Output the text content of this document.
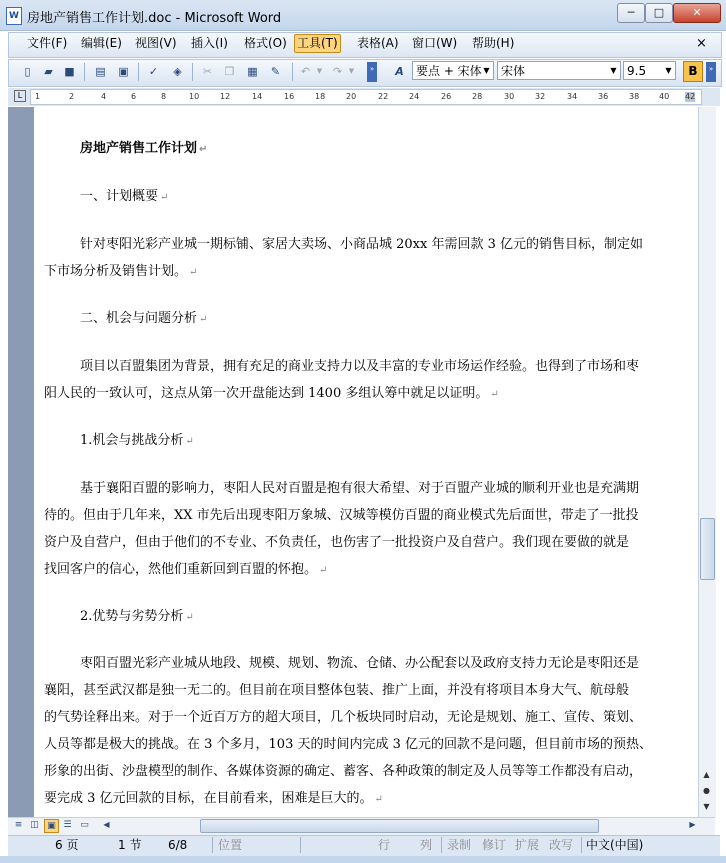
W 房地产销售工作计划.doc - Microsoft Word	─	□	✕
文件(F) 编辑(E) 视图(V) 插入(I) 格式(O) 工具(T) 表格(A) 窗口(W) 帮助(H)	×
▯	▰ ■ ▤ ▣ ✓ ◈ ✂ ❐ ▦ ✎ ↶ ▼ ↷ ▼	» A	要点 + 宋体 ▼ 宋体	▼ 9.5	▼	B	»
L	1	2	4	6	8	10	12	14	16	18	20	22	24	26	28	30	32	34	36	38 40 42
房地产销售工作计划 ↵
一、计划概要 ↵
针对枣阳光彩产业城一期标铺、家居大卖场、小商品城 20xx 年需回款 3 亿元的销售目标，制定如
下市场分析及销售计划。 ↵
二、机会与问题分析 ↵
项目以百盟集团为背景，拥有充足的商业支持力以及丰富的专业市场运作经验。也得到了市场和枣
阳人民的一致认可，这点从第一次开盘能达到 1400 多组认筹中就足以证明。 ↵
1.机会与挑战分析 ↵
基于襄阳百盟的影响力，枣阳人民对百盟是抱有很大希望、对于百盟产业城的顺利开业也是充满期
待的。但由于几年来，XX 市先后出现枣阳万象城、汉城等模仿百盟的商业模式先后面世，带走了一批投
资户及自营户，但由于他们的不专业、不负责任，也伤害了一批投资户及自营户。我们现在要做的就是
找回客户的信心，然他们重新回到百盟的怀抱。 ↵
2.优势与劣势分析 ↵
枣阳百盟光彩产业城从地段、规模、规划、物流、仓储、办公配套以及政府支持力无论是枣阳还是
襄阳，甚至武汉都是独一无二的。但目前在项目整体包装、推广上面，并没有将项目本身大气、航母般
的气势诠释出来。对于一个近百万方的超大项目，几个板块同时启动，无论是规划、施工、宣传、策划、
人员等都是极大的挑战。在 3 个多月，103 天的时间内完成 3 亿元的回款不是问题，但目前市场的预热、
形象的出街、沙盘模型的制作、各媒体资源的确定、蓄客、各种政策的制定及人员等等工作都没有启动，
要完成 3 亿元回款的目标，在目前看来，困难是巨大的。 ↵
▲
●
▼
≡ ◫ ▣ ☰ ▭	◀	▶
6 页	1 节 6/8	位置	行 列 录制 修订 扩展 改写 中文(中国)
